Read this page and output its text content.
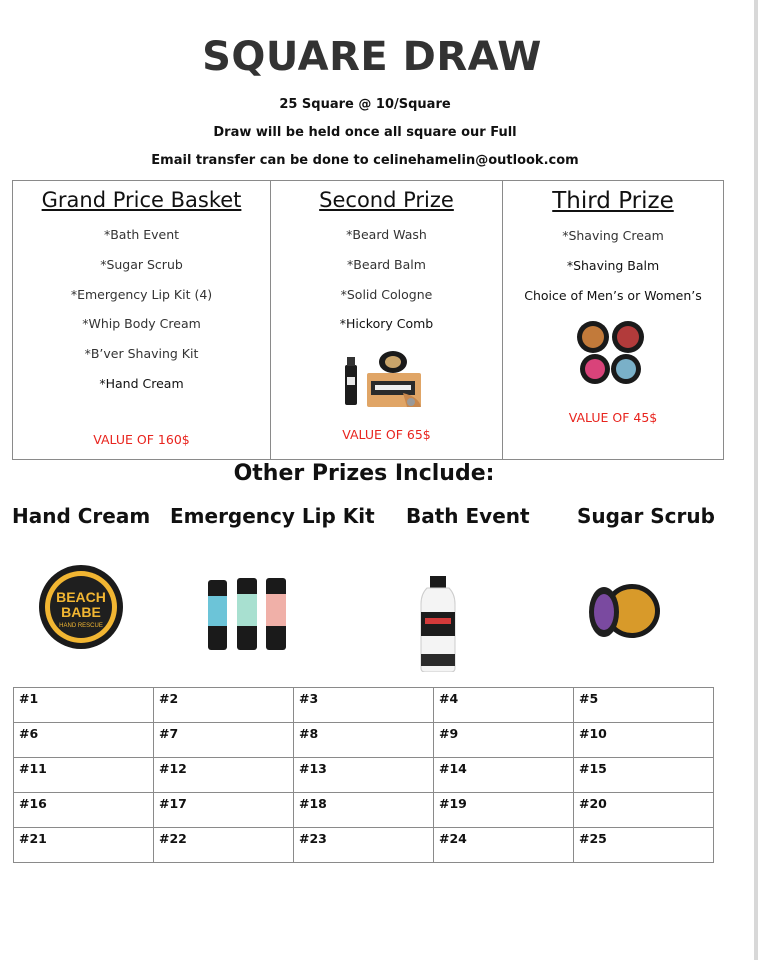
SQUARE DRAW
25 Square @ 10/Square
Draw will be held once all square our Full
Email transfer can be done to celinehamelin@outlook.com
Grand Price Basket
*Bath Event
*Sugar Scrub
*Emergency Lip Kit (4)
*Whip Body Cream
*B’ver Shaving Kit
*Hand Cream
VALUE OF 160$
Second Prize
*Beard Wash
*Beard Balm
*Solid Cologne
*Hickory Comb
VALUE OF 65$
Third Prize
*Shaving Cream
*Shaving Balm
Choice of Men’s or Women’s
VALUE OF 45$
Other Prizes Include:
Hand Cream Emergency Lip Kit Bath Event Sugar Scrub
BEACH
BABE
HAND RESCUE
#1	#2	#3	#4	#5
#6	#7	#8	#9	#10
#11	#12	#13	#14	#15
#16	#17	#18	#19	#20
#21	#22	#23	#24	#25
